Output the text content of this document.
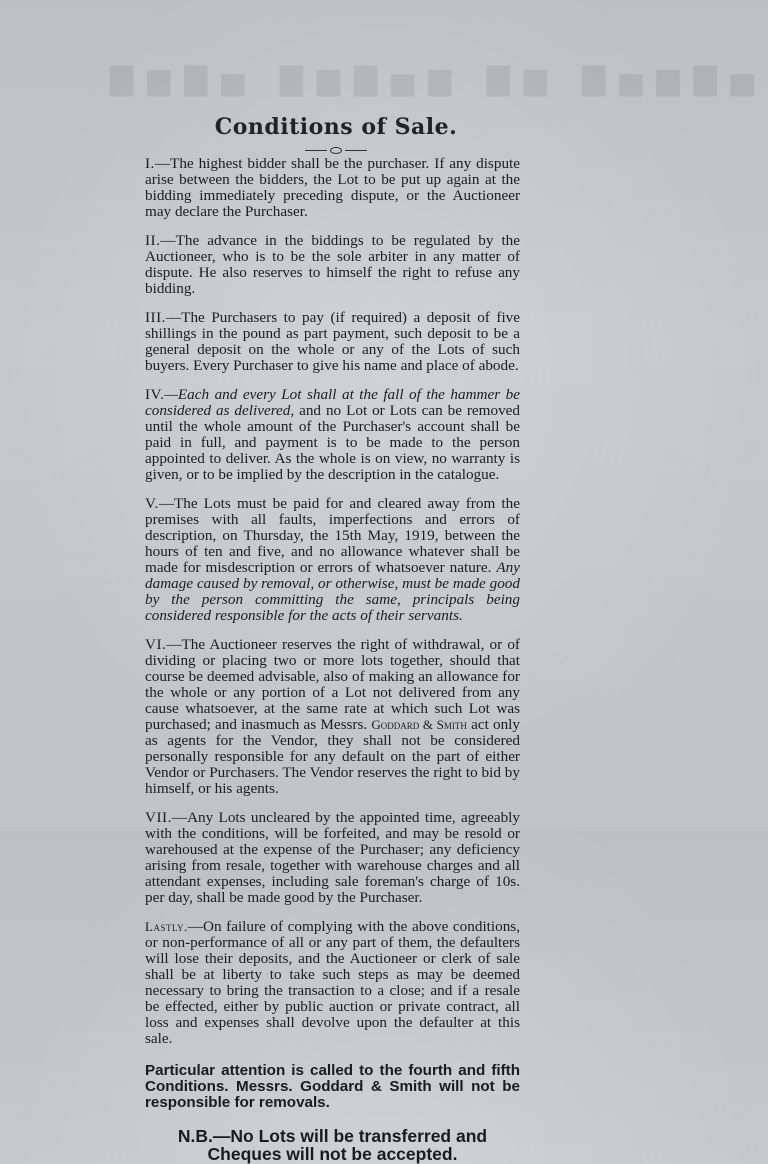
▇▆▇▅ ▇▆▇▅▆ ▇▆ ▇▅▆▇▅
Conditions of Sale.

I.—The highest bidder shall be the purchaser. If any dispute arise between the bidders, the Lot to be put up again at the bidding immediately preceding dispute, or the Auctioneer may declare the Purchaser.

II.—The advance in the biddings to be regulated by the Auctioneer, who is to be the sole arbiter in any matter of dispute. He also reserves to himself the right to refuse any bidding.

III.—The Purchasers to pay (if required) a deposit of five shillings in the pound as part payment, such deposit to be a general deposit on the whole or any of the Lots of such buyers. Every Purchaser to give his name and place of abode.

IV.—Each and every Lot shall at the fall of the hammer be considered as delivered, and no Lot or Lots can be removed until the whole amount of the Purchaser's account shall be paid in full, and payment is to be made to the person appointed to deliver. As the whole is on view, no warranty is given, or to be implied by the description in the catalogue.

V.—The Lots must be paid for and cleared away from the premises with all faults, imperfections and errors of description, on Thursday, the 15th May, 1919, between the hours of ten and five, and no allowance whatever shall be made for misdescription or errors of whatsoever nature. Any damage caused by removal, or otherwise, must be made good by the person committing the same, principals being considered responsible for the acts of their servants.

VI.—The Auctioneer reserves the right of withdrawal, or of dividing or placing two or more lots together, should that course be deemed advisable, also of making an allowance for the whole or any portion of a Lot not delivered from any cause whatsoever, at the same rate at which such Lot was purchased; and inasmuch as Messrs. Goddard & Smith act only as agents for the Vendor, they shall not be considered personally responsible for any default on the part of either Vendor or Purchasers. The Vendor reserves the right to bid by himself, or his agents.

VII.—Any Lots uncleared by the appointed time, agreeably with the conditions, will be forfeited, and may be resold or warehoused at the expense of the Purchaser; any deficiency arising from resale, together with warehouse charges and all attendant expenses, including sale foreman's charge of 10s. per day, shall be made good by the Purchaser.

Lastly.—On failure of complying with the above conditions, or non-performance of all or any part of them, the defaulters will lose their deposits, and the Auctioneer or clerk of sale shall be at liberty to take such steps as may be deemed necessary to bring the transaction to a close; and if a resale be effected, either by public auction or private contract, all loss and expenses shall devolve upon the defaulter at this sale.

Particular attention is called to the fourth and fifth Conditions. Messrs. Goddard & Smith will not be responsible for removals.

N.B.—No Lots will be transferred and Cheques will not be accepted.
